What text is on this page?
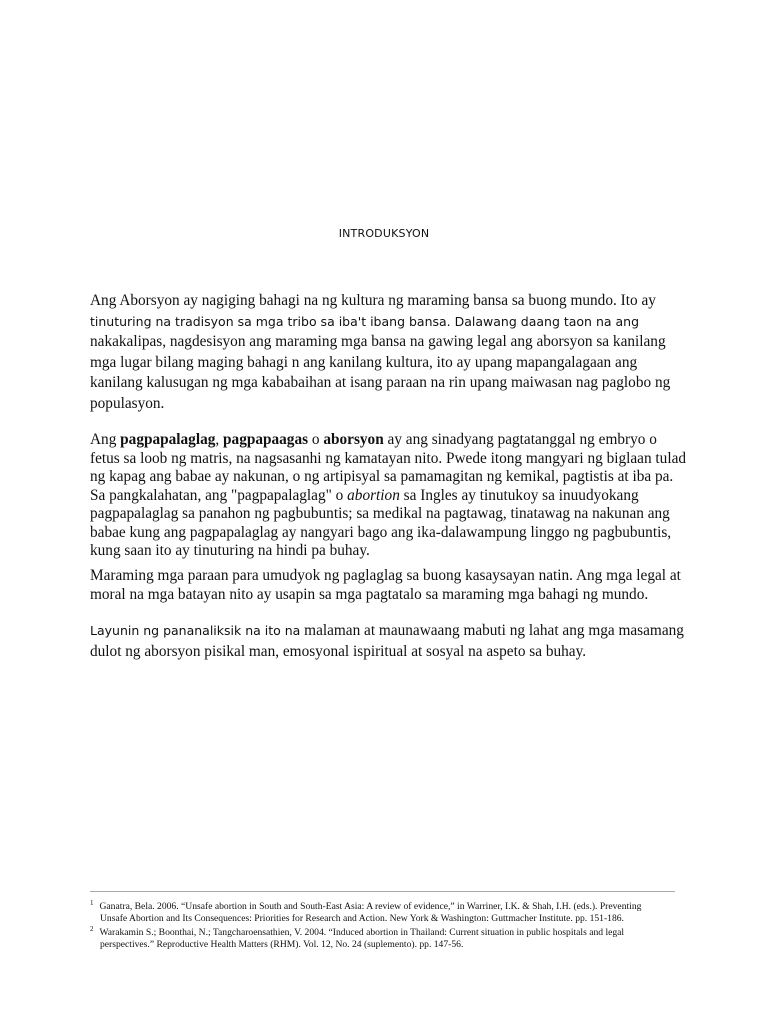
INTRODUKSYON
Ang Aborsyon ay nagiging bahagi na ng kultura ng maraming bansa sa buong mundo. Ito ay
tinuturing na tradisyon sa mga tribo sa iba't ibang bansa. Dalawang daang taon na ang
nakakalipas, nagdesisyon ang maraming mga bansa na gawing legal ang aborsyon sa kanilang
mga lugar bilang maging bahagi n ang kanilang kultura, ito ay upang mapangalagaan ang
kanilang kalusugan ng mga kababaihan at isang paraan na rin upang maiwasan nag paglobo ng
populasyon.
Ang pagpapalaglag, pagpapaagas o aborsyon ay ang sinadyang pagtatanggal ng embryo o
fetus sa loob ng matris, na nagsasanhi ng kamatayan nito. Pwede itong mangyari ng biglaan tulad
ng kapag ang babae ay nakunan, o ng artipisyal sa pamamagitan ng kemikal, pagtistis at iba pa.
Sa pangkalahatan, ang "pagpapalaglag" o abortion sa Ingles ay tinutukoy sa inuudyokang
pagpapalaglag sa panahon ng pagbubuntis; sa medikal na pagtawag, tinatawag na nakunan ang
babae kung ang pagpapalaglag ay nangyari bago ang ika-dalawampung linggo ng pagbubuntis,
kung saan ito ay tinuturing na hindi pa buhay.
Maraming mga paraan para umudyok ng paglaglag sa buong kasaysayan natin. Ang mga legal at
moral na mga batayan nito ay usapin sa mga pagtatalo sa maraming mga bahagi ng mundo.
Layunin ng pananaliksik na ito na malaman at maunawaang mabuti ng lahat ang mga masamang
dulot ng aborsyon pisikal man, emosyonal ispiritual at sosyal na aspeto sa buhay.
$^1$ Ganatra, Bela. 2006. “Unsafe abortion in South and South-East Asia: A review of evidence,” in Warriner, I.K. & Shah, I.H. (eds.). Preventing
Unsafe Abortion and Its Consequences: Priorities for Research and Action. New York & Washington: Guttmacher Institute. pp. 151-186.
$^2$ Warakamin S.; Boonthai, N.; Tangcharoensathien, V. 2004. “Induced abortion in Thailand: Current situation in public hospitals and legal
perspectives.” Reproductive Health Matters (RHM). Vol. 12, No. 24 (suplemento). pp. 147-56.
